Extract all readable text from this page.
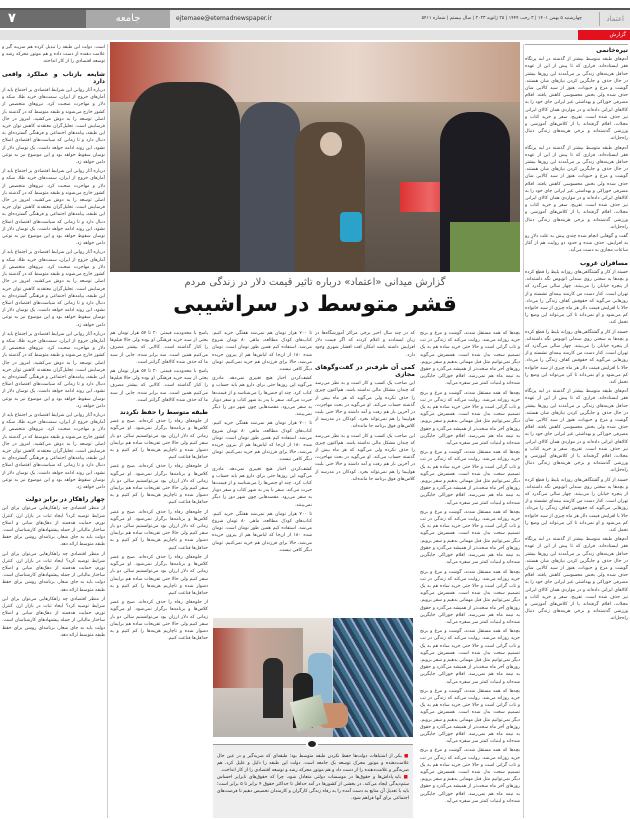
۷	جامعه	ejtemaee@etemadnewspaper.ir	چهارشنبه ۵ بهمن ۱۴۰۱ | ۳ رجب ۱۴۴۴ | ۲۵ ژانویه ۲۰۲۳ | سال بیستم | شماره ۵۴۱۱	اعتماد
گزارش
تیره‌خانمی

آدم‌های طبقه متوسط بیشتر از گذشته در لبه پرتگاه فقر ایستاده‌اند. فراری که تا پیش از این از عهده حداقل هزینه‌های زندگی بر می‌آمدند این روزها بیشتر در حال حذف و جایگزین کردن نیازهای شان هستند. گوشت و مرغ و حبوبات، هنوز از سبد کالایی شان حذف شده ولی بخش محسوسی کاهش یافته. اقلام مصرفی خوراکی و بهداشتی غیر ایرانی جای خود را به کالاهای ایرانی داده‌اند و در مواردی همان کالای ایرانی نیز حذف شده است. تفریح، سفر و خرید کتاب و مجلات، اقلام گرفته‌اند یا از کلاس‌های آموزشی و ورزشی گذشته‌اند و برخی هزینه‌های زندگی دنبال راه‌حل‌اند.

آدم‌های طبقه متوسط بیشتر از گذشته در لبه پرتگاه فقر ایستاده‌اند. فراری که تا پیش از این از عهده حداقل هزینه‌های زندگی بر می‌آمدند این روزها بیشتر در حال حذف و جایگزین کردن نیازهای شان هستند. گوشت و مرغ و حبوبات، هنوز از سبد کالایی شان حذف شده ولی بخش محسوسی کاهش یافته. اقلام مصرفی خوراکی و بهداشتی غیر ایرانی جای خود را به کالاهای ایرانی داده‌اند و در مواردی همان کالای ایرانی نیز حذف شده است. تفریح، سفر و خرید کتاب و مجلات، اقلام گرفته‌اند یا از کلاس‌های آموزشی و ورزشی گذشته‌اند و برخی هزینه‌های زندگی دنبال راه‌حل‌اند.

گفت و گوهایی انجام شده چندی پیش به علت دلارِ رو به افزایش، حذف شده و حدود دو روایت هم از آغاز ساعات مجازی به دست می‌آید.

مسافران غروب

خسته از کار و گشتگاهی‌های روزانه بلیط را قطع کرده و بچه‌ها به سختی روی صندلی اتوبوس نگه داشته‌اند. از پنجره خیابان را می‌بینند. چهار سالی می‌گذرد که تهران است. کنار دست من کارمند بیمه‌ای نشسته و از روزهایی می‌گوید که حقوقش کفاف زندگی را می‌داد. حالا با افزایش قیمت دلار هر ماه چیزی از سبد خانواده کم می‌شود و او نمی‌داند تا کی می‌تواند این وضع را تحمل کند.

خسته از کار و گشتگاهی‌های روزانه بلیط را قطع کرده و بچه‌ها به سختی روی صندلی اتوبوس نگه داشته‌اند. از پنجره خیابان را می‌بینند. چهار سالی می‌گذرد که تهران است. کنار دست من کارمند بیمه‌ای نشسته و از روزهایی می‌گوید که حقوقش کفاف زندگی را می‌داد. حالا با افزایش قیمت دلار هر ماه چیزی از سبد خانواده کم می‌شود و او نمی‌داند تا کی می‌تواند این وضع را تحمل کند.

آدم‌های طبقه متوسط بیشتر از گذشته در لبه پرتگاه فقر ایستاده‌اند. فراری که تا پیش از این از عهده حداقل هزینه‌های زندگی بر می‌آمدند این روزها بیشتر در حال حذف و جایگزین کردن نیازهای شان هستند. گوشت و مرغ و حبوبات، هنوز از سبد کالایی شان حذف شده ولی بخش محسوسی کاهش یافته. اقلام مصرفی خوراکی و بهداشتی غیر ایرانی جای خود را به کالاهای ایرانی داده‌اند و در مواردی همان کالای ایرانی نیز حذف شده است. تفریح، سفر و خرید کتاب و مجلات، اقلام گرفته‌اند یا از کلاس‌های آموزشی و ورزشی گذشته‌اند و برخی هزینه‌های زندگی دنبال راه‌حل‌اند.

خسته از کار و گشتگاهی‌های روزانه بلیط را قطع کرده و بچه‌ها به سختی روی صندلی اتوبوس نگه داشته‌اند. از پنجره خیابان را می‌بینند. چهار سالی می‌گذرد که تهران است. کنار دست من کارمند بیمه‌ای نشسته و از روزهایی می‌گوید که حقوقش کفاف زندگی را می‌داد. حالا با افزایش قیمت دلار هر ماه چیزی از سبد خانواده کم می‌شود و او نمی‌داند تا کی می‌تواند این وضع را تحمل کند.

آدم‌های طبقه متوسط بیشتر از گذشته در لبه پرتگاه فقر ایستاده‌اند. فراری که تا پیش از این از عهده حداقل هزینه‌های زندگی بر می‌آمدند این روزها بیشتر در حال حذف و جایگزین کردن نیازهای شان هستند. گوشت و مرغ و حبوبات، هنوز از سبد کالایی شان حذف شده ولی بخش محسوسی کاهش یافته. اقلام مصرفی خوراکی و بهداشتی غیر ایرانی جای خود را به کالاهای ایرانی داده‌اند و در مواردی همان کالای ایرانی نیز حذف شده است. تفریح، سفر و خرید کتاب و مجلات، اقلام گرفته‌اند یا از کلاس‌های آموزشی و ورزشی گذشته‌اند و برخی هزینه‌های زندگی دنبال راه‌حل‌اند.

است. دولت این طبقه را تبدیل کرده هم ضریبه گیر و علامت دهنده از دست داده و هم موتور محرکه رشد و توسعه اقتصادی را از کار انداخته.

شایعه بازتاب و عملکرد واقعی دارد

درباره آثار روانی این شرایط اقتصادی بر اجتماع باید از آمارهای خروج از ایران، سمت‌های خرید طلا، سکه و دلار و مهاجرت صحبت کرد. نیروهای متخصص از کشور خارج می‌شوند و طبقه متوسط که در گذشته بار اصلی توسعه را به دوش می‌کشید، امروز در حال فرسایش است. تحلیل‌گران معتقدند کاهش توان خرید این طبقه، پیامدهای اجتماعی و فرهنگی گسترده‌ای به دنبال دارد و تا زمانی که سیاست‌های اقتصادی اصلاح نشود، این روند ادامه خواهد داشت. یک نوسان دلار از نوسان سقوط خواهد بود و این موضوع نیز به نوعی دامن خواهد زد.

درباره آثار روانی این شرایط اقتصادی بر اجتماع باید از آمارهای خروج از ایران، سمت‌های خرید طلا، سکه و دلار و مهاجرت صحبت کرد. نیروهای متخصص از کشور خارج می‌شوند و طبقه متوسط که در گذشته بار اصلی توسعه را به دوش می‌کشید، امروز در حال فرسایش است. تحلیل‌گران معتقدند کاهش توان خرید این طبقه، پیامدهای اجتماعی و فرهنگی گسترده‌ای به دنبال دارد و تا زمانی که سیاست‌های اقتصادی اصلاح نشود، این روند ادامه خواهد داشت. یک نوسان دلار از نوسان سقوط خواهد بود و این موضوع نیز به نوعی دامن خواهد زد.

درباره آثار روانی این شرایط اقتصادی بر اجتماع باید از آمارهای خروج از ایران، سمت‌های خرید طلا، سکه و دلار و مهاجرت صحبت کرد. نیروهای متخصص از کشور خارج می‌شوند و طبقه متوسط که در گذشته بار اصلی توسعه را به دوش می‌کشید، امروز در حال فرسایش است. تحلیل‌گران معتقدند کاهش توان خرید این طبقه، پیامدهای اجتماعی و فرهنگی گسترده‌ای به دنبال دارد و تا زمانی که سیاست‌های اقتصادی اصلاح نشود، این روند ادامه خواهد داشت. یک نوسان دلار از نوسان سقوط خواهد بود و این موضوع نیز به نوعی دامن خواهد زد.

درباره آثار روانی این شرایط اقتصادی بر اجتماع باید از آمارهای خروج از ایران، سمت‌های خرید طلا، سکه و دلار و مهاجرت صحبت کرد. نیروهای متخصص از کشور خارج می‌شوند و طبقه متوسط که در گذشته بار اصلی توسعه را به دوش می‌کشید، امروز در حال فرسایش است. تحلیل‌گران معتقدند کاهش توان خرید این طبقه، پیامدهای اجتماعی و فرهنگی گسترده‌ای به دنبال دارد و تا زمانی که سیاست‌های اقتصادی اصلاح نشود، این روند ادامه خواهد داشت. یک نوسان دلار از نوسان سقوط خواهد بود و این موضوع نیز به نوعی دامن خواهد زد.

درباره آثار روانی این شرایط اقتصادی بر اجتماع باید از آمارهای خروج از ایران، سمت‌های خرید طلا، سکه و دلار و مهاجرت صحبت کرد. نیروهای متخصص از کشور خارج می‌شوند و طبقه متوسط که در گذشته بار اصلی توسعه را به دوش می‌کشید، امروز در حال فرسایش است. تحلیل‌گران معتقدند کاهش توان خرید این طبقه، پیامدهای اجتماعی و فرهنگی گسترده‌ای به دنبال دارد و تا زمانی که سیاست‌های اقتصادی اصلاح نشود، این روند ادامه خواهد داشت. یک نوسان دلار از نوسان سقوط خواهد بود و این موضوع نیز به نوعی دامن خواهد زد.

چهار راهکار در برابر دولت

از منظر اقتصادی چه راهکارهایی می‌توان برای این شرایط توصیه کرد؟ ایجاد ثبات در بازار ارز، کنترل تورم، حمایت هدفمند از دهک‌های میانی و اصلاح ساختار مالیاتی از جمله پیشنهادهای کارشناسان است. دولت باید به جای شعار، برنامه‌ای روشن برای حفظ طبقه متوسط ارائه دهد.

از منظر اقتصادی چه راهکارهایی می‌توان برای این شرایط توصیه کرد؟ ایجاد ثبات در بازار ارز، کنترل تورم، حمایت هدفمند از دهک‌های میانی و اصلاح ساختار مالیاتی از جمله پیشنهادهای کارشناسان است. دولت باید به جای شعار، برنامه‌ای روشن برای حفظ طبقه متوسط ارائه دهد.

از منظر اقتصادی چه راهکارهایی می‌توان برای این شرایط توصیه کرد؟ ایجاد ثبات در بازار ارز، کنترل تورم، حمایت هدفمند از دهک‌های میانی و اصلاح ساختار مالیاتی از جمله پیشنهادهای کارشناسان است. دولت باید به جای شعار، برنامه‌ای روشن برای حفظ طبقه متوسط ارائه دهد.

گزارش میدانی «اعتماد» درباره تاثیر قیمت دلار در زندگی مردم
قشر متوسط در سراشیبی

بچه‌ها که همه مستقل شدند، گوشت و مرغ و برنج خرید روزانه می‌شد. روایت می‌کند که زندگی در تب و تاب گرانی است و حالا حتی خرید ساده هم به یک تصمیم سخت بدل شده است. همسرش می‌گوید دیگر نمی‌توانیم مثل قبل مهمانی بدهیم و سفر برویم. روزهای آخر ماه سخت‌تر از همیشه می‌گذرد و حقوق به نیمه ماه هم نمی‌رسد. اقلام خوراکی جایگزین شده‌اند و لبنیات کمتر سر سفره می‌آید.

بچه‌ها که همه مستقل شدند، گوشت و مرغ و برنج خرید روزانه می‌شد. روایت می‌کند که زندگی در تب و تاب گرانی است و حالا حتی خرید ساده هم به یک تصمیم سخت بدل شده است. همسرش می‌گوید دیگر نمی‌توانیم مثل قبل مهمانی بدهیم و سفر برویم. روزهای آخر ماه سخت‌تر از همیشه می‌گذرد و حقوق به نیمه ماه هم نمی‌رسد. اقلام خوراکی جایگزین شده‌اند و لبنیات کمتر سر سفره می‌آید.

بچه‌ها که همه مستقل شدند، گوشت و مرغ و برنج خرید روزانه می‌شد. روایت می‌کند که زندگی در تب و تاب گرانی است و حالا حتی خرید ساده هم به یک تصمیم سخت بدل شده است. همسرش می‌گوید دیگر نمی‌توانیم مثل قبل مهمانی بدهیم و سفر برویم. روزهای آخر ماه سخت‌تر از همیشه می‌گذرد و حقوق به نیمه ماه هم نمی‌رسد. اقلام خوراکی جایگزین شده‌اند و لبنیات کمتر سر سفره می‌آید.

بچه‌ها که همه مستقل شدند، گوشت و مرغ و برنج خرید روزانه می‌شد. روایت می‌کند که زندگی در تب و تاب گرانی است و حالا حتی خرید ساده هم به یک تصمیم سخت بدل شده است. همسرش می‌گوید دیگر نمی‌توانیم مثل قبل مهمانی بدهیم و سفر برویم. روزهای آخر ماه سخت‌تر از همیشه می‌گذرد و حقوق به نیمه ماه هم نمی‌رسد. اقلام خوراکی جایگزین شده‌اند و لبنیات کمتر سر سفره می‌آید.

بچه‌ها که همه مستقل شدند، گوشت و مرغ و برنج خرید روزانه می‌شد. روایت می‌کند که زندگی در تب و تاب گرانی است و حالا حتی خرید ساده هم به یک تصمیم سخت بدل شده است. همسرش می‌گوید دیگر نمی‌توانیم مثل قبل مهمانی بدهیم و سفر برویم. روزهای آخر ماه سخت‌تر از همیشه می‌گذرد و حقوق به نیمه ماه هم نمی‌رسد. اقلام خوراکی جایگزین شده‌اند و لبنیات کمتر سر سفره می‌آید.

بچه‌ها که همه مستقل شدند، گوشت و مرغ و برنج خرید روزانه می‌شد. روایت می‌کند که زندگی در تب و تاب گرانی است و حالا حتی خرید ساده هم به یک تصمیم سخت بدل شده است. همسرش می‌گوید دیگر نمی‌توانیم مثل قبل مهمانی بدهیم و سفر برویم. روزهای آخر ماه سخت‌تر از همیشه می‌گذرد و حقوق به نیمه ماه هم نمی‌رسد. اقلام خوراکی جایگزین شده‌اند و لبنیات کمتر سر سفره می‌آید.

بچه‌ها که همه مستقل شدند، گوشت و مرغ و برنج خرید روزانه می‌شد. روایت می‌کند که زندگی در تب و تاب گرانی است و حالا حتی خرید ساده هم به یک تصمیم سخت بدل شده است. همسرش می‌گوید دیگر نمی‌توانیم مثل قبل مهمانی بدهیم و سفر برویم. روزهای آخر ماه سخت‌تر از همیشه می‌گذرد و حقوق به نیمه ماه هم نمی‌رسد. اقلام خوراکی جایگزین شده‌اند و لبنیات کمتر سر سفره می‌آید.

بچه‌ها که همه مستقل شدند، گوشت و مرغ و برنج خرید روزانه می‌شد. روایت می‌کند که زندگی در تب و تاب گرانی است و حالا حتی خرید ساده هم به یک تصمیم سخت بدل شده است. همسرش می‌گوید دیگر نمی‌توانیم مثل قبل مهمانی بدهیم و سفر برویم. روزهای آخر ماه سخت‌تر از همیشه می‌گذرد و حقوق به نیمه ماه هم نمی‌رسد. اقلام خوراکی جایگزین شده‌اند و لبنیات کمتر سر سفره می‌آید.

که در چند سال اخیر برخی مراکز آموزشگاه‌ها در زبان ایستادند و اعلام کردند که اگر قیمت دلار افزایش داشته باشد امکان افت اقشار شهری وجود دارد.

کمی آن طرف‌تر در گفت‌وگوهای مجازی

این صاحب یک کسب و کار است و به نظر می‌رسد که چندان مشکل مالی نداشته باشد. هم‌اکنون چیزی را حذف نکرده ولی می‌گوید که هر ماه بیش از گذشته حساب می‌کند. او می‌گوید در بحث مهاجرت، در آخرین بار هم رفت و آمد داشته و حالا حتی بلیت هواپیما را هم نمی‌تواند بخرد. کودکان در مدرسه از کلاس‌های فوق برنامه جا مانده‌اند.

این صاحب یک کسب و کار است و به نظر می‌رسد که چندان مشکل مالی نداشته باشد. هم‌اکنون چیزی را حذف نکرده ولی می‌گوید که هر ماه بیش از گذشته حساب می‌کند. او می‌گوید در بحث مهاجرت، در آخرین بار هم رفت و آمد داشته و حالا حتی بلیت هواپیما را هم نمی‌تواند بخرد. کودکان در مدرسه از کلاس‌های فوق برنامه جا مانده‌اند.

تا ۷۰۰ هزار تومان هم نمی‌شد هفتگی خرید کنیم. کتاب‌های کودک مطالعه، ماهی ۸۰ تومان شروع می‌شد. استفاده کیم همین طور تومان است. تومان شده ۱۸۰ از ان‌جا که لباس‌ها هم از بیرون خریده می‌شد، حالا برای فرزندان هم خرید نمی‌کنیم. تومان دیگر کافی نیست.

کشف‌کردن اخبار هیچ تغییری نمی‌دهد. مادری می‌گوید این روزها حتی برای دارو هم باید حساب و کتاب کرد. چند او جنس‌ها را می‌شناسد و از قیمت‌ها حیرت می‌کند. سفر با پدر به شهر کتاب و سفر دوبار به سفر می‌رود. مقصدهایی چون شهر دور را دیگر نمی‌بینند.

تا ۷۰۰ هزار تومان هم نمی‌شد هفتگی خرید کنیم. کتاب‌های کودک مطالعه، ماهی ۸۰ تومان شروع می‌شد. استفاده کیم همین طور تومان است. تومان شده ۱۸۰ از ان‌جا که لباس‌ها هم از بیرون خریده می‌شد، حالا برای فرزندان هم خرید نمی‌کنیم. تومان دیگر کافی نیست.

کشف‌کردن اخبار هیچ تغییری نمی‌دهد. مادری می‌گوید این روزها حتی برای دارو هم باید حساب و کتاب کرد. چند او جنس‌ها را می‌شناسد و از قیمت‌ها حیرت می‌کند. سفر با پدر به شهر کتاب و سفر دوبار به سفر می‌رود. مقصدهایی چون شهر دور را دیگر نمی‌بینند.

تا ۷۰۰ هزار تومان هم نمی‌شد هفتگی خرید کنیم. کتاب‌های کودک مطالعه، ماهی ۸۰ تومان شروع می‌شد. استفاده کیم همین طور تومان است. تومان شده ۱۸۰ از ان‌جا که لباس‌ها هم از بیرون خریده می‌شد، حالا برای فرزندان هم خرید نمی‌کنیم. تومان دیگر کافی نیست.

پاسخ با محدودیت قیمتی ۲۰ تا ۵۷ هزار تومان هم بحثی از سبد خرید فرهنگی او بوده ولی حالا فیلم‌ها را کنار گذاشته است. کالایی که بیشتر مصرف می‌کنیم همین است. سه برابر شده. جایی از سبد ما که حذف شده کالاهای گرانتر است.

پاسخ با محدودیت قیمتی ۲۰ تا ۵۷ هزار تومان هم بحثی از سبد خرید فرهنگی او بوده ولی حالا فیلم‌ها را کنار گذاشته است. کالایی که بیشتر مصرف می‌کنیم همین است. سه برابر شده. جایی از سبد ما که حذف شده کالاهای گرانتر است.

طبقه متوسط را حفظ نکردند

از جلوه‌های رفاه را حذف کرده‌اند. صبح و عصر کلاس‌ها و برنامه‌ها برگزار نمی‌شود. او می‌گوید زمانی که دلار ارزان بود می‌توانستیم سالی دو بار سفر کنیم ولی حالا حتی تفریحات ساده هم برایمان دشوار شده و ناچاریم هزینه‌ها را کم کنیم و به حداقل‌ها قناعت کنیم.

از جلوه‌های رفاه را حذف کرده‌اند. صبح و عصر کلاس‌ها و برنامه‌ها برگزار نمی‌شود. او می‌گوید زمانی که دلار ارزان بود می‌توانستیم سالی دو بار سفر کنیم ولی حالا حتی تفریحات ساده هم برایمان دشوار شده و ناچاریم هزینه‌ها را کم کنیم و به حداقل‌ها قناعت کنیم.

از جلوه‌های رفاه را حذف کرده‌اند. صبح و عصر کلاس‌ها و برنامه‌ها برگزار نمی‌شود. او می‌گوید زمانی که دلار ارزان بود می‌توانستیم سالی دو بار سفر کنیم ولی حالا حتی تفریحات ساده هم برایمان دشوار شده و ناچاریم هزینه‌ها را کم کنیم و به حداقل‌ها قناعت کنیم.

از جلوه‌های رفاه را حذف کرده‌اند. صبح و عصر کلاس‌ها و برنامه‌ها برگزار نمی‌شود. او می‌گوید زمانی که دلار ارزان بود می‌توانستیم سالی دو بار سفر کنیم ولی حالا حتی تفریحات ساده هم برایمان دشوار شده و ناچاریم هزینه‌ها را کم کنیم و به حداقل‌ها قناعت کنیم.

از جلوه‌های رفاه را حذف کرده‌اند. صبح و عصر کلاس‌ها و برنامه‌ها برگزار نمی‌شود. او می‌گوید زمانی که دلار ارزان بود می‌توانستیم سالی دو بار سفر کنیم ولی حالا حتی تفریحات ساده هم برایمان دشوار شده و ناچاریم هزینه‌ها را کم کنیم و به حداقل‌ها قناعت کنیم.

■ یکی از اشتباهات دولت‌ها حفظ نکردن طبقه متوسط بود؛ طبقه‌ای که ضربه‌گیر و در عین حال علامت‌دهنده و موتور محرک توسعه یک جامعه است. دولت این طبقه را ذلیل و علیل کرد، هم ضربه‌گیر و علامت‌دهنده را از دست داد و هم موتور محرکه رشد و توسعه اقتصادی را از کار انداخت.

■ باید پاداش‌ها و حقوق‌ها در موسسات دولتی متعادل شود، چرا که حقوق‌های نابرابر احساس ستم‌دیدگی ایجاد می‌کند. در بخشی از کشورها در آمد حداقل تا حداکثر حقوق ۴ برابر تا ۵ برابر است؛ باید با تعدیل آن منابع به دست آمده را به رفاه زندگی کارگران و کارمندان تخصیص دهیم تا فرصت‌های اجتماعی برای آنها فراهم شود.
